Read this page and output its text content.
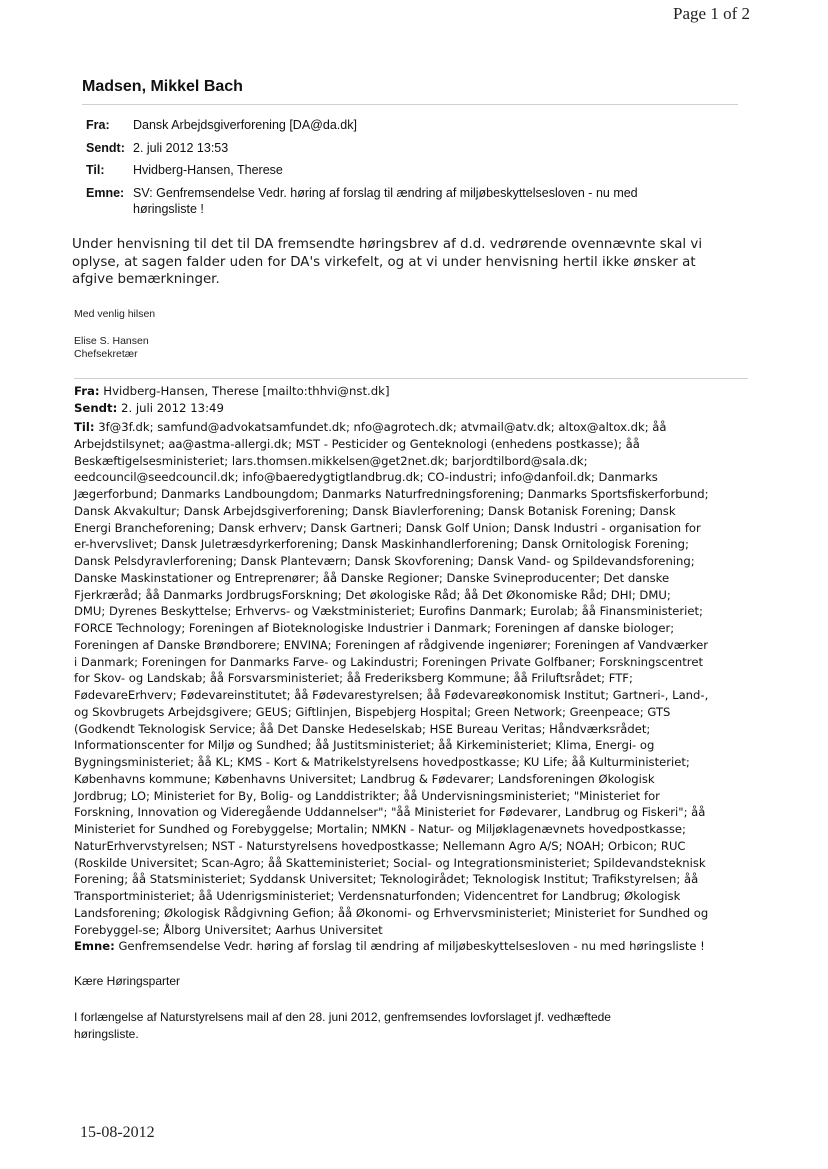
Page 1 of 2
Madsen, Mikkel Bach
Fra: Dansk Arbejdsgiverforening [DA@da.dk]
Sendt: 2. juli 2012 13:53
Til: Hvidberg-Hansen, Therese
Emne: SV: Genfremsendelse Vedr. høring af forslag til ændring af miljøbeskyttelsesloven - nu med
høringsliste !
Under henvisning til det til DA fremsendte høringsbrev af d.d. vedrørende ovennævnte skal vi
oplyse, at sagen falder uden for DA's virkefelt, og at vi under henvisning hertil ikke ønsker at
afgive bemærkninger.
Med venlig hilsen
Elise S. Hansen
Chefsekretær
Fra: Hvidberg-Hansen, Therese [mailto:thhvi@nst.dk]
Sendt: 2. juli 2012 13:49
Til: 3f@3f.dk; samfund@advokatsamfundet.dk; nfo@agrotech.dk; atvmail@atv.dk; altox@altox.dk; åå
Arbejdstilsynet; aa@astma-allergi.dk; MST - Pesticider og Genteknologi (enhedens postkasse); åå
Beskæftigelsesministeriet; lars.thomsen.mikkelsen@get2net.dk; barjordtilbord@sala.dk;
eedcouncil@seedcouncil.dk; info@baeredygtigtlandbrug.dk; CO-industri; info@danfoil.dk; Danmarks
Jægerforbund; Danmarks Landboungdom; Danmarks Naturfredningsforening; Danmarks Sportsfiskerforbund;
Dansk Akvakultur; Dansk Arbejdsgiverforening; Dansk Biavlerforening; Dansk Botanisk Forening; Dansk
Energi Brancheforening; Dansk erhverv; Dansk Gartneri; Dansk Golf Union; Dansk Industri - organisation for
er-hvervslivet; Dansk Juletræsdyrkerforening; Dansk Maskinhandlerforening; Dansk Ornitologisk Forening;
Dansk Pelsdyravlerforening; Dansk Planteværn; Dansk Skovforening; Dansk Vand- og Spildevandsforening;
Danske Maskinstationer og Entreprenører; åå Danske Regioner; Danske Svineproducenter; Det danske
Fjerkræråd; åå Danmarks JordbrugsForskning; Det økologiske Råd; åå Det Økonomiske Råd; DHI; DMU;
DMU; Dyrenes Beskyttelse; Erhvervs- og Vækstministeriet; Eurofins Danmark; Eurolab; åå Finansministeriet;
FORCE Technology; Foreningen af Bioteknologiske Industrier i Danmark; Foreningen af danske biologer;
Foreningen af Danske Brøndborere; ENVINA; Foreningen af rådgivende ingeniører; Foreningen af Vandværker
i Danmark; Foreningen for Danmarks Farve- og Lakindustri; Foreningen Private Golfbaner; Forskningscentret
for Skov- og Landskab; åå Forsvarsministeriet; åå Frederiksberg Kommune; åå Friluftsrådet; FTF;
FødevareErhverv; Fødevareinstitutet; åå Fødevarestyrelsen; åå Fødevareøkonomisk Institut; Gartneri-, Land-,
og Skovbrugets Arbejdsgivere; GEUS; Giftlinjen, Bispebjerg Hospital; Green Network; Greenpeace; GTS
(Godkendt Teknologisk Service; åå Det Danske Hedeselskab; HSE Bureau Veritas; Håndværksrådet;
Informationscenter for Miljø og Sundhed; åå Justitsministeriet; åå Kirkeministeriet; Klima, Energi- og
Bygningsministeriet; åå KL; KMS - Kort & Matrikelstyrelsens hovedpostkasse; KU Life; åå Kulturministeriet;
Københavns kommune; Københavns Universitet; Landbrug & Fødevarer; Landsforeningen Økologisk
Jordbrug; LO; Ministeriet for By, Bolig- og Landdistrikter; åå Undervisningsministeriet; "Ministeriet for
Forskning, Innovation og Videregående Uddannelser"; "åå Ministeriet for Fødevarer, Landbrug og Fiskeri"; åå
Ministeriet for Sundhed og Forebyggelse; Mortalin; NMKN - Natur- og Miljøklagenævnets hovedpostkasse;
NaturErhvervstyrelsen; NST - Naturstyrelsens hovedpostkasse; Nellemann Agro A/S; NOAH; Orbicon; RUC
(Roskilde Universitet; Scan-Agro; åå Skatteministeriet; Social- og Integrationsministeriet; Spildevandsteknisk
Forening; åå Statsministeriet; Syddansk Universitet; Teknologirådet; Teknologisk Institut; Trafikstyrelsen; åå
Transportministeriet; åå Udenrigsministeriet; Verdensnaturfonden; Videncentret for Landbrug; Økologisk
Landsforening; Økologisk Rådgivning Gefion; åå Økonomi- og Erhvervsministeriet; Ministeriet for Sundhed og
Forebyggel-se; Ålborg Universitet; Aarhus Universitet
Emne: Genfremsendelse Vedr. høring af forslag til ændring af miljøbeskyttelsesloven - nu med høringsliste !
Kære Høringsparter
I forlængelse af Naturstyrelsens mail af den 28. juni 2012, genfremsendes lovforslaget jf. vedhæftede
høringsliste.
15-08-2012
